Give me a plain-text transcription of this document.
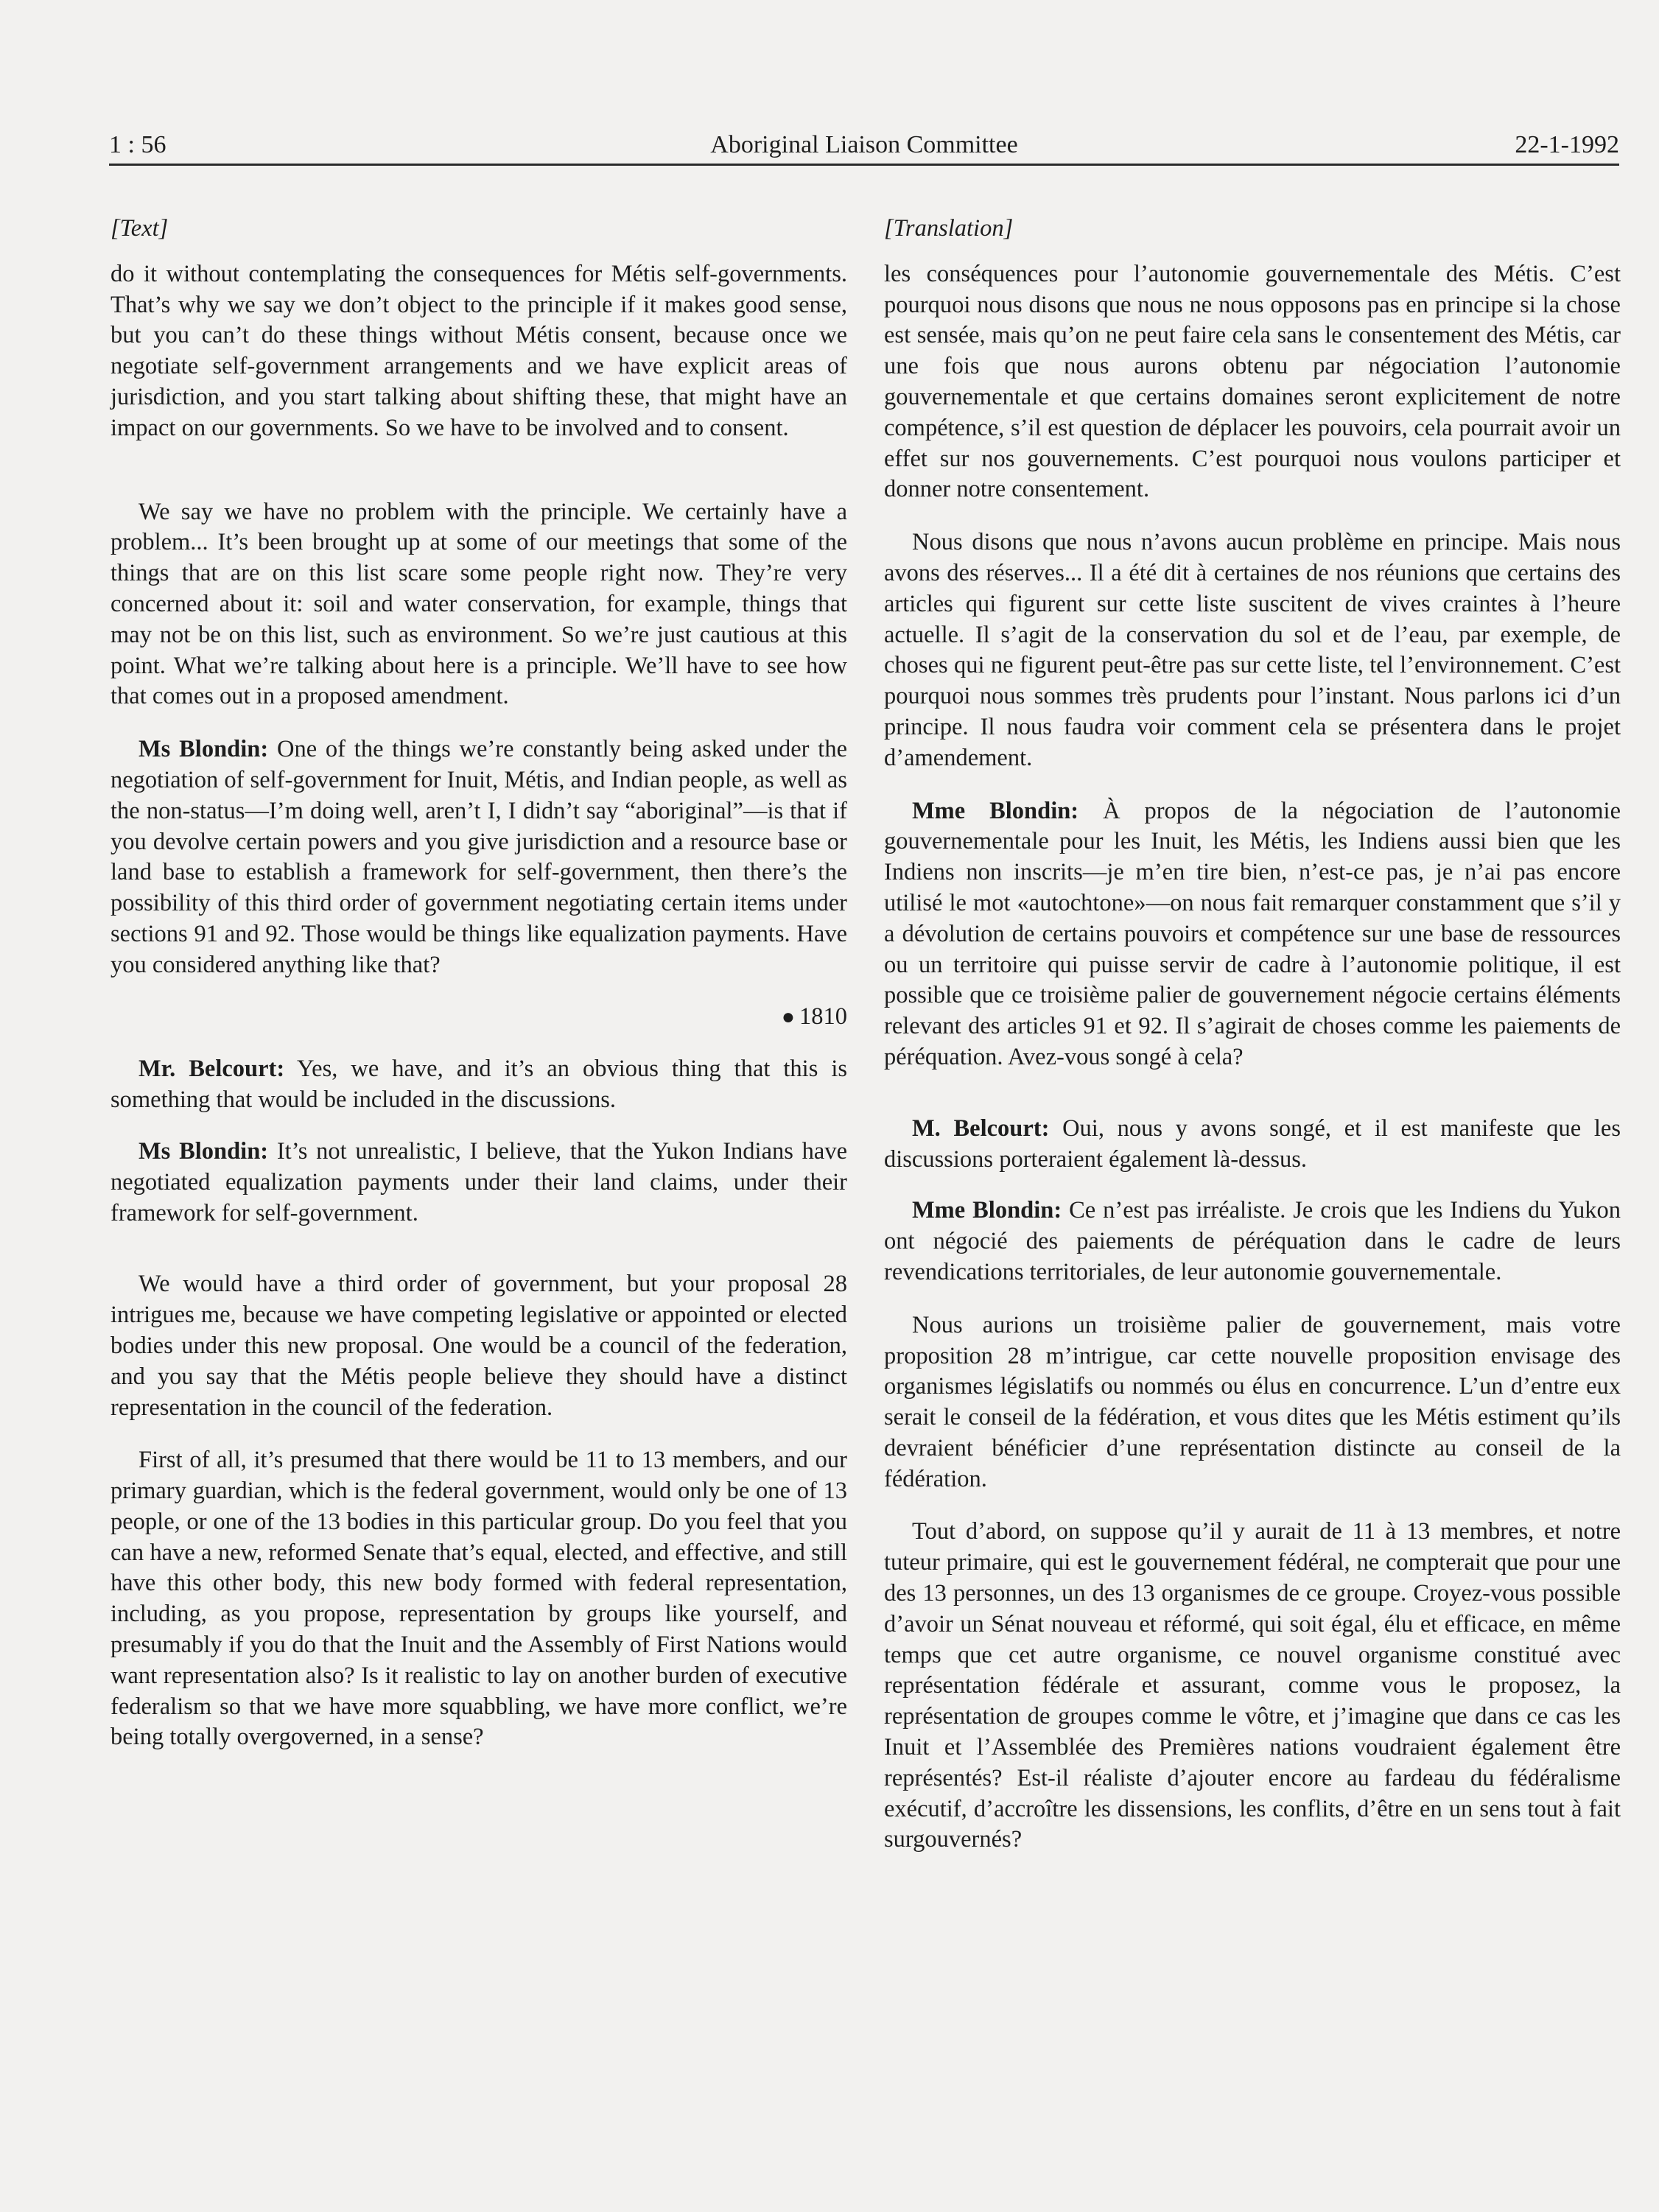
1 : 56	Aboriginal Liaison Committee	22-1-1992

[Text]

do it without contemplating the consequences for Métis self-governments. That’s why we say we don’t object to the principle if it makes good sense, but you can’t do these things without Métis consent, because once we negotiate self-government arrangements and we have explicit areas of jurisdiction, and you start talking about shifting these, that might have an impact on our governments. So we have to be involved and to consent.

We say we have no problem with the principle. We certainly have a problem... It’s been brought up at some of our meetings that some of the things that are on this list scare some people right now. They’re very concerned about it: soil and water conservation, for example, things that may not be on this list, such as environment. So we’re just cautious at this point. What we’re talking about here is a principle. We’ll have to see how that comes out in a proposed amendment.

Ms Blondin: One of the things we’re constantly being asked under the negotiation of self-government for Inuit, Métis, and Indian people, as well as the non-status—I’m doing well, aren’t I, I didn’t say “aboriginal”—is that if you devolve certain powers and you give jurisdiction and a resource base or land base to establish a framework for self-government, then there’s the possibility of this third order of government negotiating certain items under sections 91 and 92. Those would be things like equalization payments. Have you considered anything like that?

● 1810

Mr. Belcourt: Yes, we have, and it’s an obvious thing that this is something that would be included in the discussions.

Ms Blondin: It’s not unrealistic, I believe, that the Yukon Indians have negotiated equalization payments under their land claims, under their framework for self-government.

We would have a third order of government, but your proposal 28 intrigues me, because we have competing legislative or appointed or elected bodies under this new proposal. One would be a council of the federation, and you say that the Métis people believe they should have a distinct representation in the council of the federation.

First of all, it’s presumed that there would be 11 to 13 members, and our primary guardian, which is the federal government, would only be one of 13 people, or one of the 13 bodies in this particular group. Do you feel that you can have a new, reformed Senate that’s equal, elected, and effective, and still have this other body, this new body formed with federal representation, including, as you propose, representation by groups like yourself, and presumably if you do that the Inuit and the Assembly of First Nations would want representation also? Is it realistic to lay on another burden of executive federalism so that we have more squabbling, we have more conflict, we’re being totally overgoverned, in a sense?

[Translation]

les conséquences pour l’autonomie gouvernementale des Métis. C’est pourquoi nous disons que nous ne nous opposons pas en principe si la chose est sensée, mais qu’on ne peut faire cela sans le consentement des Métis, car une fois que nous aurons obtenu par négociation l’autonomie gouvernementale et que certains domaines seront explicitement de notre compétence, s’il est question de déplacer les pouvoirs, cela pourrait avoir un effet sur nos gouvernements. C’est pourquoi nous voulons participer et donner notre consentement.

Nous disons que nous n’avons aucun problème en principe. Mais nous avons des réserves... Il a été dit à certaines de nos réunions que certains des articles qui figurent sur cette liste suscitent de vives craintes à l’heure actuelle. Il s’agit de la conservation du sol et de l’eau, par exemple, de choses qui ne figurent peut-être pas sur cette liste, tel l’environnement. C’est pourquoi nous sommes très prudents pour l’instant. Nous parlons ici d’un principe. Il nous faudra voir comment cela se présentera dans le projet d’amendement.

Mme Blondin: À propos de la négociation de l’autonomie gouvernementale pour les Inuit, les Métis, les Indiens aussi bien que les Indiens non inscrits—je m’en tire bien, n’est-ce pas, je n’ai pas encore utilisé le mot «autochtone»—on nous fait remarquer constamment que s’il y a dévolution de certains pouvoirs et compétence sur une base de ressources ou un territoire qui puisse servir de cadre à l’autonomie politique, il est possible que ce troisième palier de gouvernement négocie certains éléments relevant des articles 91 et 92. Il s’agirait de choses comme les paiements de péréquation. Avez-vous songé à cela?

M. Belcourt: Oui, nous y avons songé, et il est manifeste que les discussions porteraient également là-dessus.

Mme Blondin: Ce n’est pas irréaliste. Je crois que les Indiens du Yukon ont négocié des paiements de péréquation dans le cadre de leurs revendications territoriales, de leur autonomie gouvernementale.

Nous aurions un troisième palier de gouvernement, mais votre proposition 28 m’intrigue, car cette nouvelle proposition envisage des organismes législatifs ou nommés ou élus en concurrence. L’un d’entre eux serait le conseil de la fédération, et vous dites que les Métis estiment qu’ils devraient bénéficier d’une représentation distincte au conseil de la fédération.

Tout d’abord, on suppose qu’il y aurait de 11 à 13 membres, et notre tuteur primaire, qui est le gouvernement fédéral, ne compterait que pour une des 13 personnes, un des 13 organismes de ce groupe. Croyez-vous possible d’avoir un Sénat nouveau et réformé, qui soit égal, élu et efficace, en même temps que cet autre organisme, ce nouvel organisme constitué avec représentation fédérale et assurant, comme vous le proposez, la représentation de groupes comme le vôtre, et j’imagine que dans ce cas les Inuit et l’Assemblée des Premières nations voudraient également être représentés? Est-il réaliste d’ajouter encore au fardeau du fédéralisme exécutif, d’accroître les dissensions, les conflits, d’être en un sens tout à fait surgouvernés?
